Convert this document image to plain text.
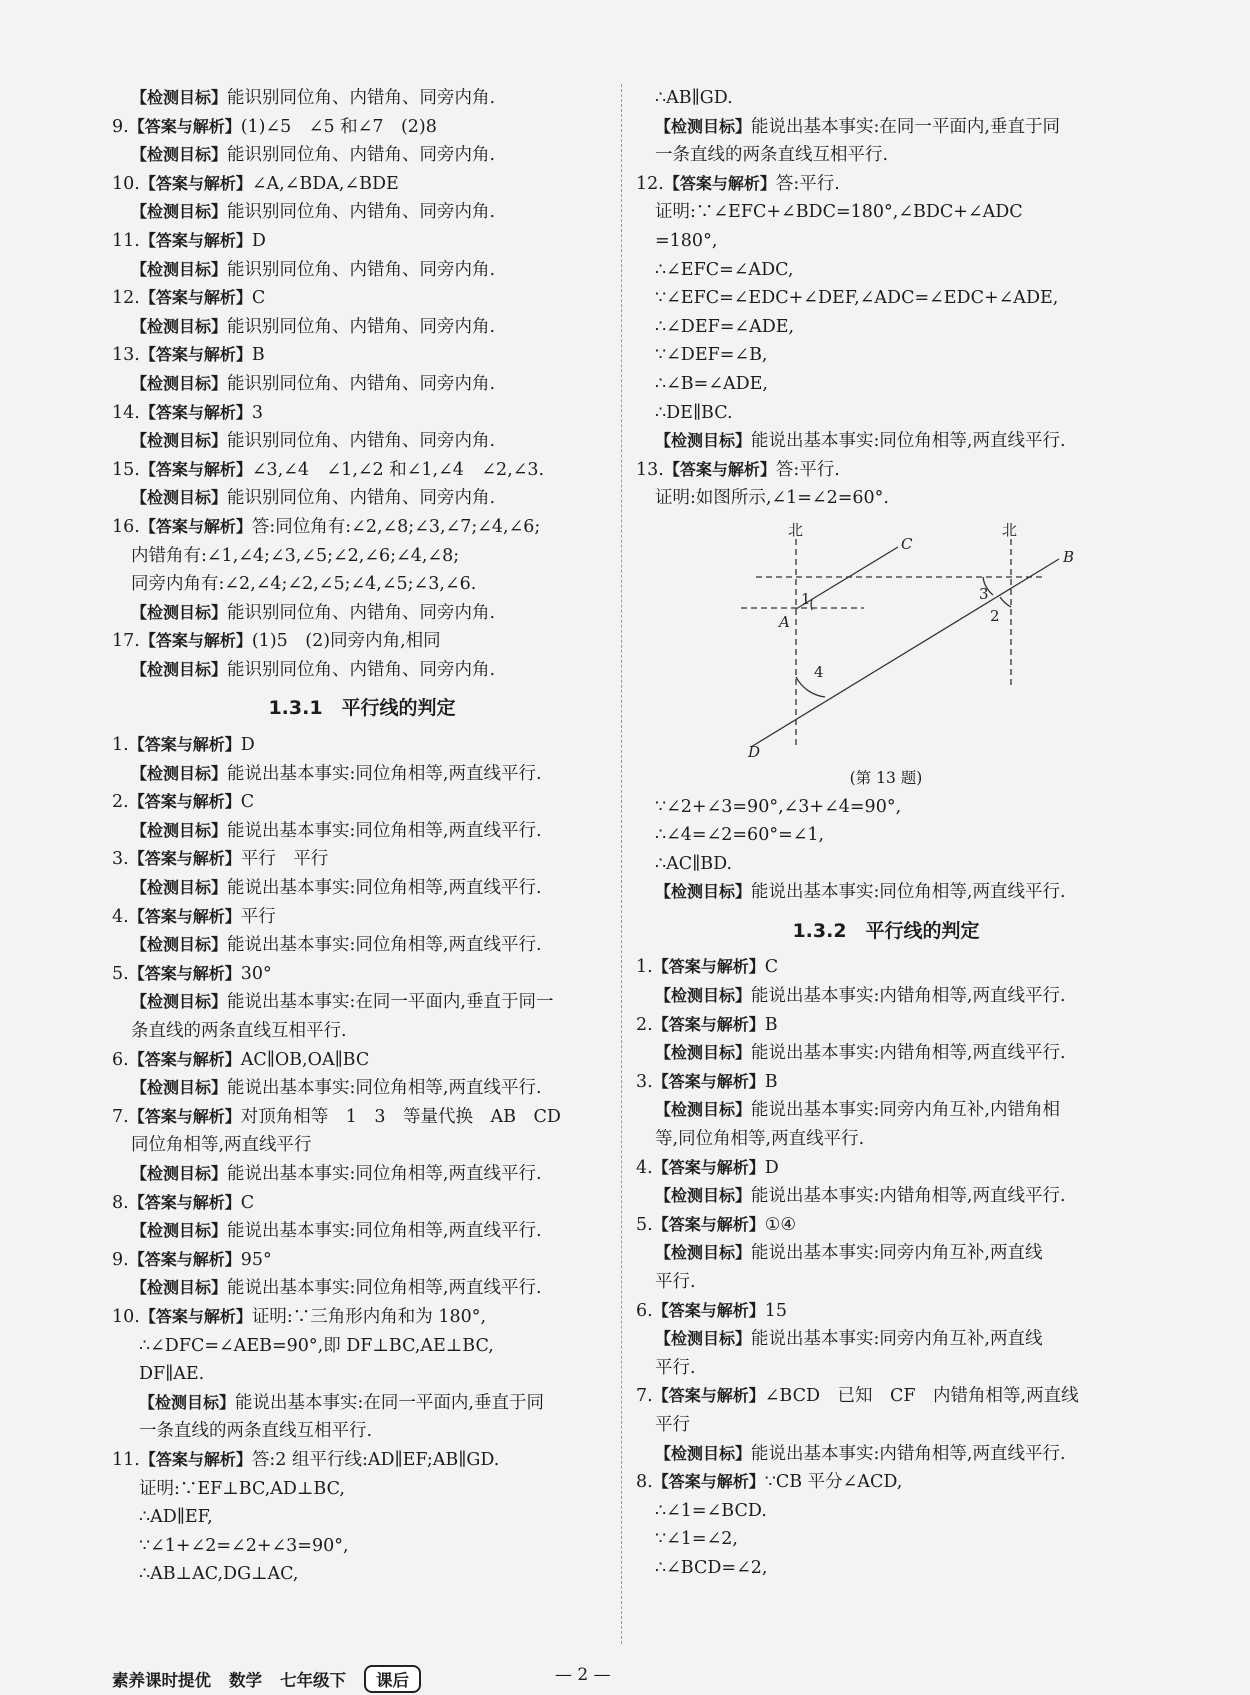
【检测目标】能识别同位角、内错角、同旁内角.
9.【答案与解析】(1)∠5　∠5 和∠7　(2)8
【检测目标】能识别同位角、内错角、同旁内角.
10.【答案与解析】∠A,∠BDA,∠BDE
【检测目标】能识别同位角、内错角、同旁内角.
11.【答案与解析】D
【检测目标】能识别同位角、内错角、同旁内角.
12.【答案与解析】C
【检测目标】能识别同位角、内错角、同旁内角.
13.【答案与解析】B
【检测目标】能识别同位角、内错角、同旁内角.
14.【答案与解析】3
【检测目标】能识别同位角、内错角、同旁内角.
15.【答案与解析】∠3,∠4　∠1,∠2 和∠1,∠4　∠2,∠3.
【检测目标】能识别同位角、内错角、同旁内角.
16.【答案与解析】答:同位角有:∠2,∠8;∠3,∠7;∠4,∠6;
内错角有:∠1,∠4;∠3,∠5;∠2,∠6;∠4,∠8;
同旁内角有:∠2,∠4;∠2,∠5;∠4,∠5;∠3,∠6.
【检测目标】能识别同位角、内错角、同旁内角.
17.【答案与解析】(1)5　(2)同旁内角,相同
【检测目标】能识别同位角、内错角、同旁内角.
1.3.1　平行线的判定
1.【答案与解析】D
【检测目标】能说出基本事实:同位角相等,两直线平行.
2.【答案与解析】C
【检测目标】能说出基本事实:同位角相等,两直线平行.
3.【答案与解析】平行　平行
【检测目标】能说出基本事实:同位角相等,两直线平行.
4.【答案与解析】平行
【检测目标】能说出基本事实:同位角相等,两直线平行.
5.【答案与解析】30°
【检测目标】能说出基本事实:在同一平面内,垂直于同一
条直线的两条直线互相平行.
6.【答案与解析】AC∥OB,OA∥BC
【检测目标】能说出基本事实:同位角相等,两直线平行.
7.【答案与解析】对顶角相等　1　3　等量代换　AB　CD
同位角相等,两直线平行
【检测目标】能说出基本事实:同位角相等,两直线平行.
8.【答案与解析】C
【检测目标】能说出基本事实:同位角相等,两直线平行.
9.【答案与解析】95°
【检测目标】能说出基本事实:同位角相等,两直线平行.
10.【答案与解析】证明:∵三角形内角和为 180°,
∴∠DFC=∠AEB=90°,即 DF⊥BC,AE⊥BC,
DF∥AE.
【检测目标】能说出基本事实:在同一平面内,垂直于同
一条直线的两条直线互相平行.
11.【答案与解析】答:2 组平行线:AD∥EF;AB∥GD.
证明:∵EF⊥BC,AD⊥BC,
∴AD∥EF,
∵∠1+∠2=∠2+∠3=90°,
∴AB⊥AC,DG⊥AC,
∴AB∥GD.
【检测目标】能说出基本事实:在同一平面内,垂直于同
一条直线的两条直线互相平行.
12.【答案与解析】答:平行.
证明:∵∠EFC+∠BDC=180°,∠BDC+∠ADC
=180°,
∴∠EFC=∠ADC,
∵∠EFC=∠EDC+∠DEF,∠ADC=∠EDC+∠ADE,
∴∠DEF=∠ADE,
∵∠DEF=∠B,
∴∠B=∠ADE,
∴DE∥BC.
【检测目标】能说出基本事实:同位角相等,两直线平行.
13.【答案与解析】答:平行.
证明:如图所示,∠1=∠2=60°.
北	北
C
B
A
D
1	3
2
4
(第 13 题)
∵∠2+∠3=90°,∠3+∠4=90°,
∴∠4=∠2=60°=∠1,
∴AC∥BD.
【检测目标】能说出基本事实:同位角相等,两直线平行.
1.3.2　平行线的判定
1.【答案与解析】C
【检测目标】能说出基本事实:内错角相等,两直线平行.
2.【答案与解析】B
【检测目标】能说出基本事实:内错角相等,两直线平行.
3.【答案与解析】B
【检测目标】能说出基本事实:同旁内角互补,内错角相
等,同位角相等,两直线平行.
4.【答案与解析】D
【检测目标】能说出基本事实:内错角相等,两直线平行.
5.【答案与解析】①④
【检测目标】能说出基本事实:同旁内角互补,两直线
平行.
6.【答案与解析】15
【检测目标】能说出基本事实:同旁内角互补,两直线
平行.
7.【答案与解析】∠BCD　已知　CF　内错角相等,两直线
平行
【检测目标】能说出基本事实:内错角相等,两直线平行.
8.【答案与解析】∵CB 平分∠ACD,
∴∠1=∠BCD.
∵∠1=∠2,
∴∠BCD=∠2,
素养课时提优 数学 七年级下	课后	— 2 —
